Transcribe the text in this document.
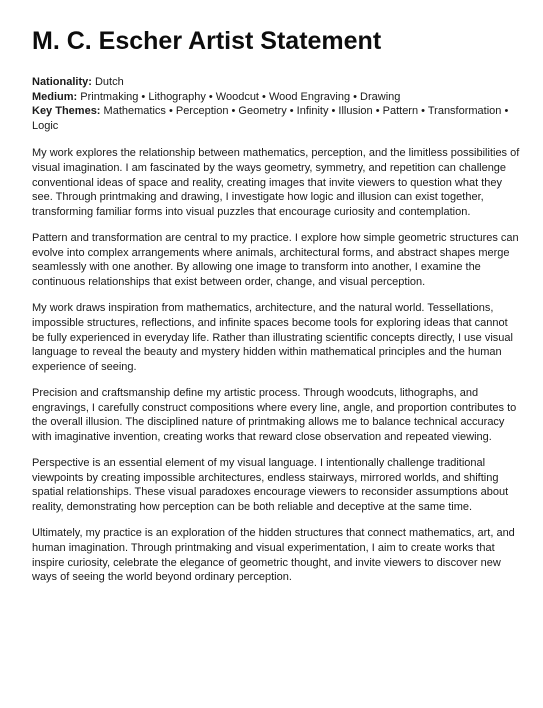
M. C. Escher Artist Statement
Nationality: Dutch
Medium: Printmaking • Lithography • Woodcut • Wood Engraving • Drawing
Key Themes: Mathematics • Perception • Geometry • Infinity • Illusion • Pattern • Transformation • Logic

My work explores the relationship between mathematics, perception, and the limitless possibilities of visual imagination. I am fascinated by the ways geometry, symmetry, and repetition can challenge conventional ideas of space and reality, creating images that invite viewers to question what they see. Through printmaking and drawing, I investigate how logic and illusion can exist together, transforming familiar forms into visual puzzles that encourage curiosity and contemplation.

Pattern and transformation are central to my practice. I explore how simple geometric structures can evolve into complex arrangements where animals, architectural forms, and abstract shapes merge seamlessly with one another. By allowing one image to transform into another, I examine the continuous relationships that exist between order, change, and visual perception.

My work draws inspiration from mathematics, architecture, and the natural world. Tessellations, impossible structures, reflections, and infinite spaces become tools for exploring ideas that cannot be fully experienced in everyday life. Rather than illustrating scientific concepts directly, I use visual language to reveal the beauty and mystery hidden within mathematical principles and the human experience of seeing.

Precision and craftsmanship define my artistic process. Through woodcuts, lithographs, and engravings, I carefully construct compositions where every line, angle, and proportion contributes to the overall illusion. The disciplined nature of printmaking allows me to balance technical accuracy with imaginative invention, creating works that reward close observation and repeated viewing.

Perspective is an essential element of my visual language. I intentionally challenge traditional viewpoints by creating impossible architectures, endless stairways, mirrored worlds, and shifting spatial relationships. These visual paradoxes encourage viewers to reconsider assumptions about reality, demonstrating how perception can be both reliable and deceptive at the same time.

Ultimately, my practice is an exploration of the hidden structures that connect mathematics, art, and human imagination. Through printmaking and visual experimentation, I aim to create works that inspire curiosity, celebrate the elegance of geometric thought, and invite viewers to discover new ways of seeing the world beyond ordinary perception.
